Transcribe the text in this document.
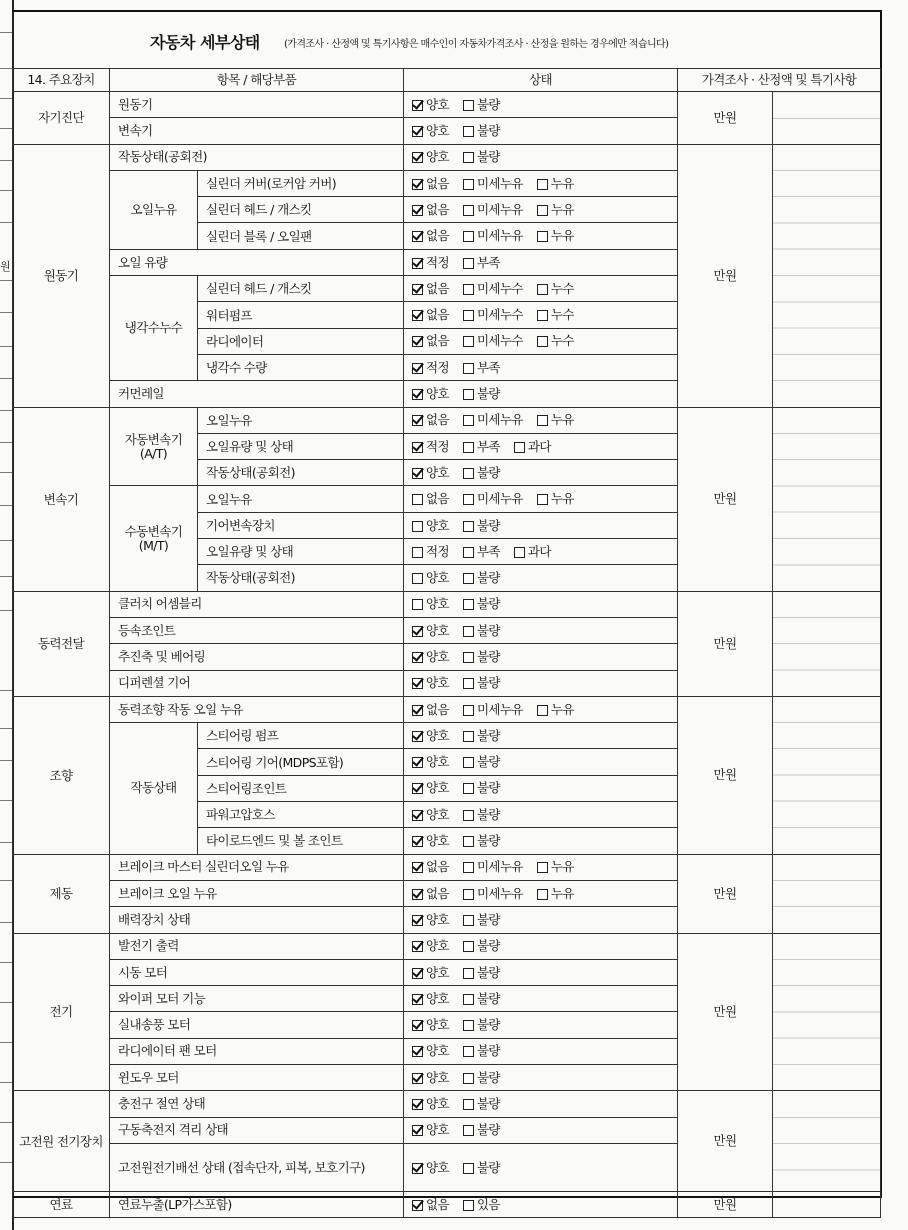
원
자동차 세부상태 (가격조사 · 산정액 및 특기사항은 매수인이 자동차가격조사 · 산정을 원하는 경우에만 적습니다)
14. 주요장치	항목 / 해당부품		상태	가격조사 · 산정액 및 특기사항	
자기진단	원동기		양호 불량	만원	
	변속기		양호 불량		
원동기	작동상태(공회전)		양호 불량	만원	
	오일누유	실린더 커버(로커암 커버)	없음 미세누유 누유		
		실린더 헤드 / 개스킷	없음 미세누유 누유		
		실린더 블록 / 오일팬	없음 미세누유 누유		
	오일 유량		적정 부족		
	냉각수누수	실린더 헤드 / 개스킷	없음 미세누수 누수		
		워터펌프	없음 미세누수 누수		
		라디에이터	없음 미세누수 누수		
		냉각수 수량	적정 부족		
	커먼레일		양호 불량		
변속기	자동변속기 (A/T)	오일누유	없음 미세누유 누유	만원	
		오일유량 및 상태	적정 부족 과다		
		작동상태(공회전)	양호 불량		
	수동변속기 (M/T)	오일누유	없음 미세누유 누유		
		기어변속장치	양호 불량		
		오일유량 및 상태	적정 부족 과다		
		작동상태(공회전)	양호 불량		
동력전달	클러치 어셈블리		양호 불량	만원	
	등속조인트		양호 불량		
	추진축 및 베어링		양호 불량		
	디퍼렌셜 기어		양호 불량		
조향	동력조향 작동 오일 누유		없음 미세누유 누유	만원	
	작동상태	스티어링 펌프	양호 불량		
		스티어링 기어(MDPS포함)	양호 불량		
		스티어링조인트	양호 불량		
		파워고압호스	양호 불량		
		타이로드엔드 및 볼 조인트	양호 불량		
제동	브레이크 마스터 실린더오일 누유		없음 미세누유 누유	만원	
	브레이크 오일 누유		없음 미세누유 누유		
	배력장치 상태		양호 불량		
전기	발전기 출력		양호 불량	만원	
	시동 모터		양호 불량		
	와이퍼 모터 기능		양호 불량		
	실내송풍 모터		양호 불량		
	라디에이터 팬 모터		양호 불량		
	윈도우 모터		양호 불량		
고전원 전기장치	충전구 절연 상태		양호 불량	만원	
	구동축전지 격리 상태		양호 불량		
	고전원전기배선 상태 (접속단자, 피복, 보호기구)		양호 불량		
연료	연료누출(LP가스포함)		없음 있음	만원	
